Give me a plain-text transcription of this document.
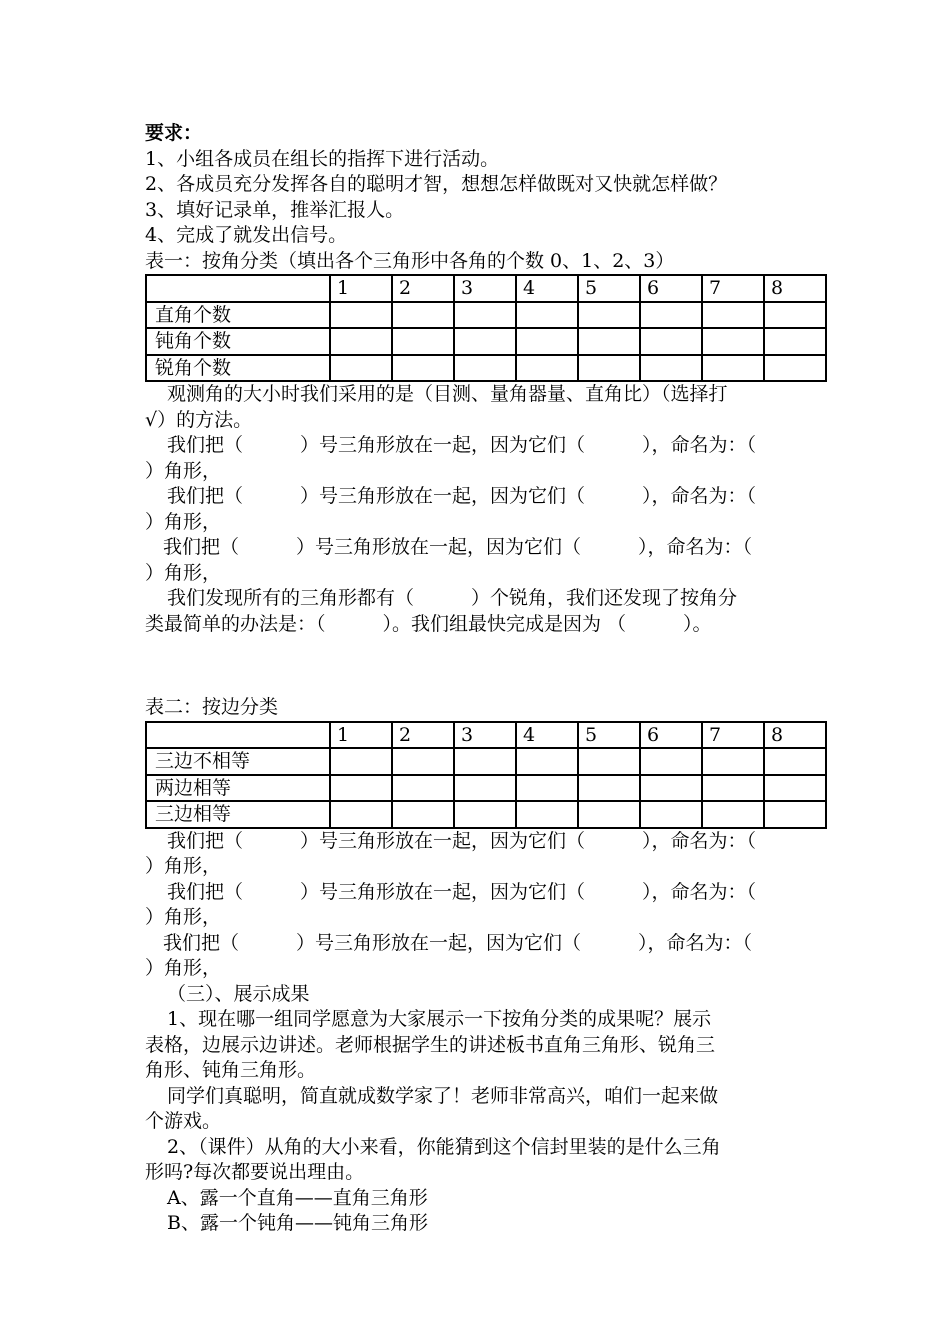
要求：
1、小组各成员在组长的指挥下进行活动。
2、各成员充分发挥各自的聪明才智，想想怎样做既对又快就怎样做？
3、填好记录单，推举汇报人。
4、完成了就发出信号。
表一：按角分类（填出各个三角形中各角的个数 0、1、2、3）
	1	2	3	4	5	6	7	8
直角个数								
钝角个数								
锐角个数								
观测角的大小时我们采用的是（目测、量角器量、直角比）（选择打
√）的方法。
我们把（　　　）号三角形放在一起，因为它们（　　　），命名为：（
）角形，
我们把（　　　）号三角形放在一起，因为它们（　　　），命名为：（
）角形，
我们把（　　　）号三角形放在一起，因为它们（　　　），命名为：（
）角形，
我们发现所有的三角形都有（　　　）个锐角，我们还发现了按角分
类最简单的办法是：（　　　）。我们组最快完成是因为 （　　　）。
表二：按边分类
	1	2	3	4	5	6	7	8
三边不相等								
两边相等								
三边相等								
我们把（　　　）号三角形放在一起，因为它们（　　　），命名为：（
）角形，
我们把（　　　）号三角形放在一起，因为它们（　　　），命名为：（
）角形，
我们把（　　　）号三角形放在一起，因为它们（　　　），命名为：（
）角形，
（三）、展示成果
1、现在哪一组同学愿意为大家展示一下按角分类的成果呢？展示
表格，边展示边讲述。老师根据学生的讲述板书直角三角形、锐角三
角形、钝角三角形。
同学们真聪明，简直就成数学家了！老师非常高兴，咱们一起来做
个游戏。
2、（课件）从角的大小来看，你能猜到这个信封里装的是什么三角
形吗?每次都要说出理由。
A、露一个直角——直角三角形
B、露一个钝角——钝角三角形
